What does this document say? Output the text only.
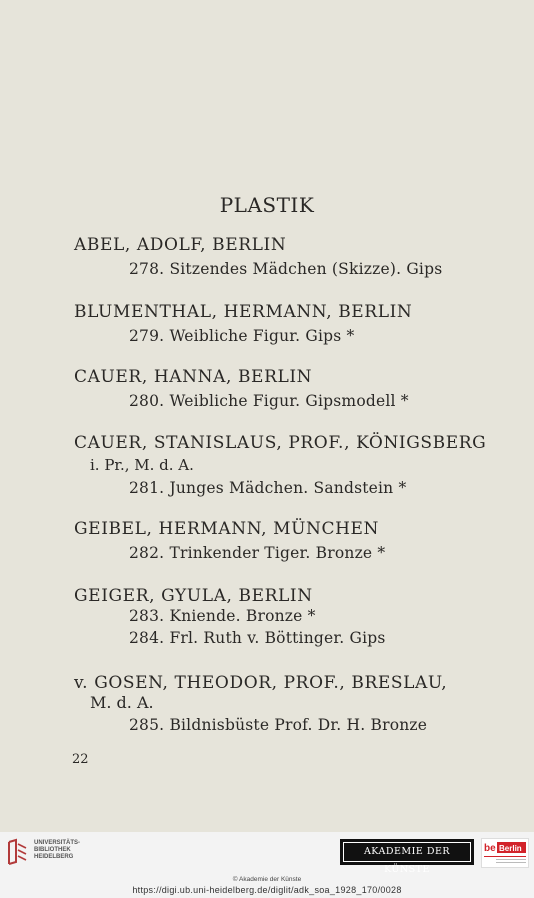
PLASTIK
ABEL, ADOLF, BERLIN
278. Sitzendes Mädchen (Skizze). Gips
BLUMENTHAL, HERMANN, BERLIN
279. Weibliche Figur. Gips *
CAUER, HANNA, BERLIN
280. Weibliche Figur. Gipsmodell *
CAUER, STANISLAUS, PROF., KÖNIGSBERG
i. Pr., M. d. A.
281. Junges Mädchen. Sandstein *
GEIBEL, HERMANN, MÜNCHEN
282. Trinkender Tiger. Bronze *
GEIGER, GYULA, BERLIN
283. Kniende. Bronze *
284. Frl. Ruth v. Böttinger. Gips
v. GOSEN, THEODOR, PROF., BRESLAU,
M. d. A.
285. Bildnisbüste Prof. Dr. H. Bronze
22
UNIVERSITÄTS-
BIBLIOTHEK
HEIDELBERG	AKADEMIE DER KÜNSTE
be Berlin
© Akademie der Künste
https://digi.ub.uni-heidelberg.de/diglit/adk_soa_1928_170/0028
